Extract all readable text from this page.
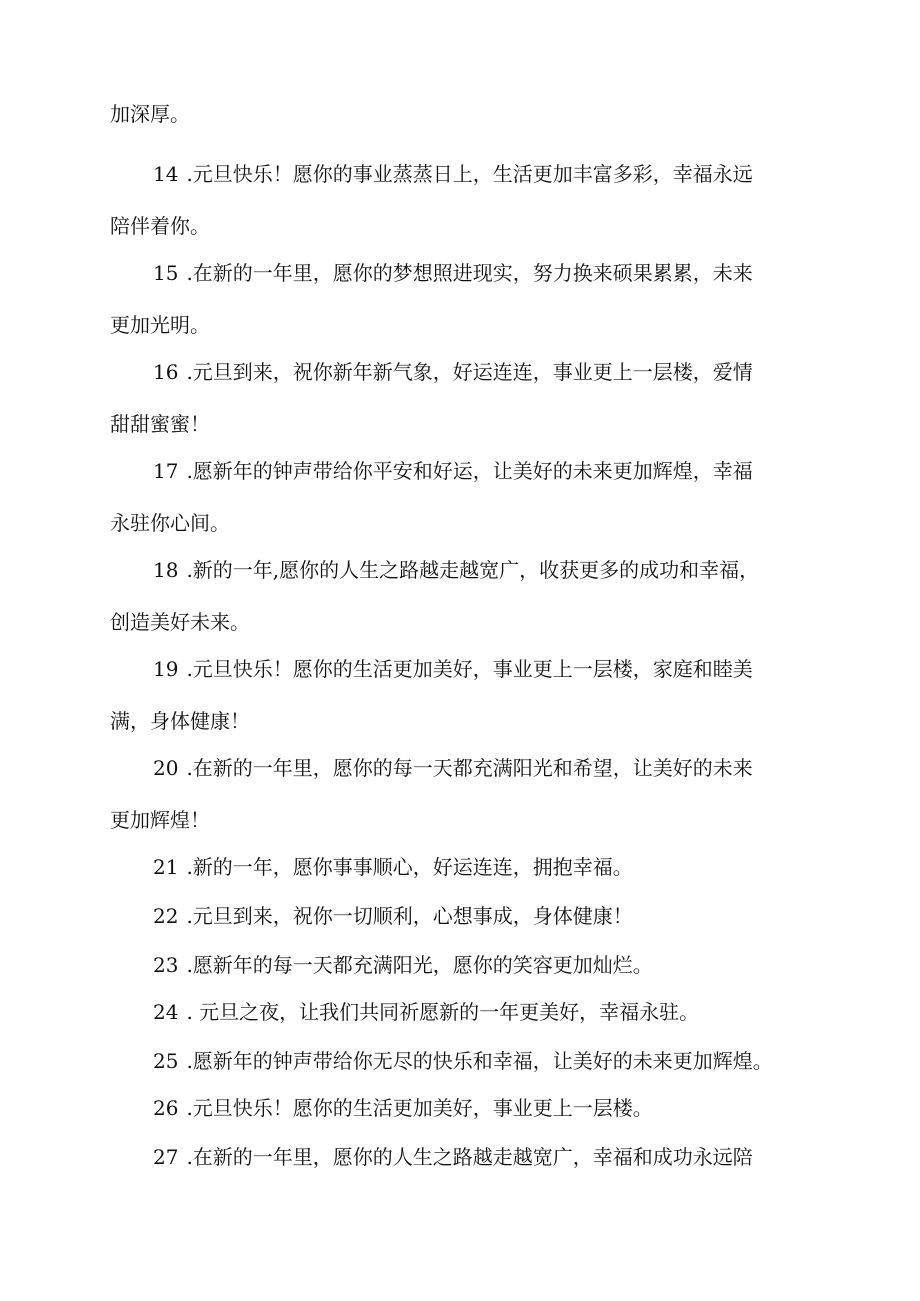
加深厚。
14 .元旦快乐！愿你的事业蒸蒸日上，生活更加丰富多彩，幸福永远
陪伴着你。
15 .在新的一年里，愿你的梦想照进现实，努力换来硕果累累，未来
更加光明。
16 .元旦到来，祝你新年新气象，好运连连，事业更上一层楼，爱情
甜甜蜜蜜！
17 .愿新年的钟声带给你平安和好运，让美好的未来更加辉煌，幸福
永驻你心间。
18 .新的一年,愿你的人生之路越走越宽广，收获更多的成功和幸福，
创造美好未来。
19 .元旦快乐！愿你的生活更加美好，事业更上一层楼，家庭和睦美
满，身体健康！
20 .在新的一年里，愿你的每一天都充满阳光和希望，让美好的未来
更加辉煌！
21 .新的一年，愿你事事顺心，好运连连，拥抱幸福。
22 .元旦到来，祝你一切顺利，心想事成，身体健康！
23 .愿新年的每一天都充满阳光，愿你的笑容更加灿烂。
24 . 元旦之夜，让我们共同祈愿新的一年更美好，幸福永驻。
25 .愿新年的钟声带给你无尽的快乐和幸福，让美好的未来更加辉煌。
26 .元旦快乐！愿你的生活更加美好，事业更上一层楼。
27 .在新的一年里，愿你的人生之路越走越宽广，幸福和成功永远陪
